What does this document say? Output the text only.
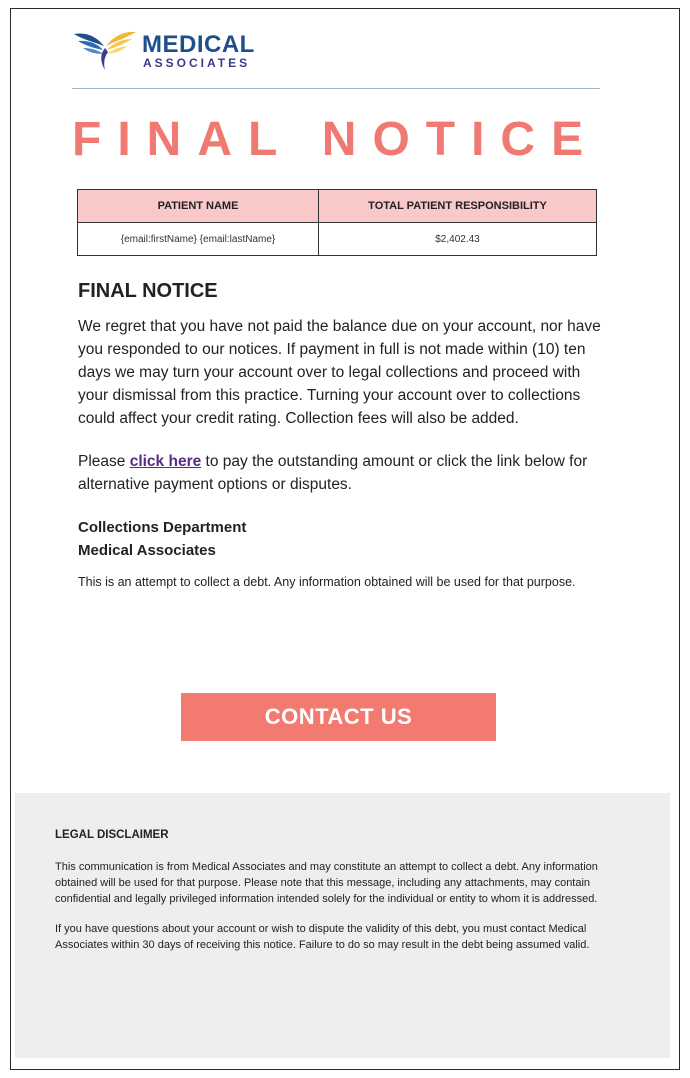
MEDICAL
ASSOCIATES
FINAL NOTICE
PATIENT NAME	TOTAL PATIENT RESPONSIBILITY
{email:firstName} {email:lastName}	$2,402.43
FINAL NOTICE

We regret that you have not paid the balance due on your account, nor have you responded to our notices. If payment in full is not made within (10) ten days we may turn your account over to legal collections and proceed with your dismissal from this practice. Turning your account over to collections could affect your credit rating. Collection fees will also be added.

Please click here to pay the outstanding amount or click the link below for alternative payment options or disputes.

Collections Department
Medical Associates

This is an attempt to collect a debt. Any information obtained will be used for that purpose.

CONTACT US

LEGAL DISCLAIMER

This communication is from Medical Associates and may constitute an attempt to collect a debt. Any information obtained will be used for that purpose. Please note that this message, including any attachments, may contain confidential and legally privileged information intended solely for the individual or entity to whom it is addressed.

If you have questions about your account or wish to dispute the validity of this debt, you must contact Medical Associates within 30 days of receiving this notice. Failure to do so may result in the debt being assumed valid.
